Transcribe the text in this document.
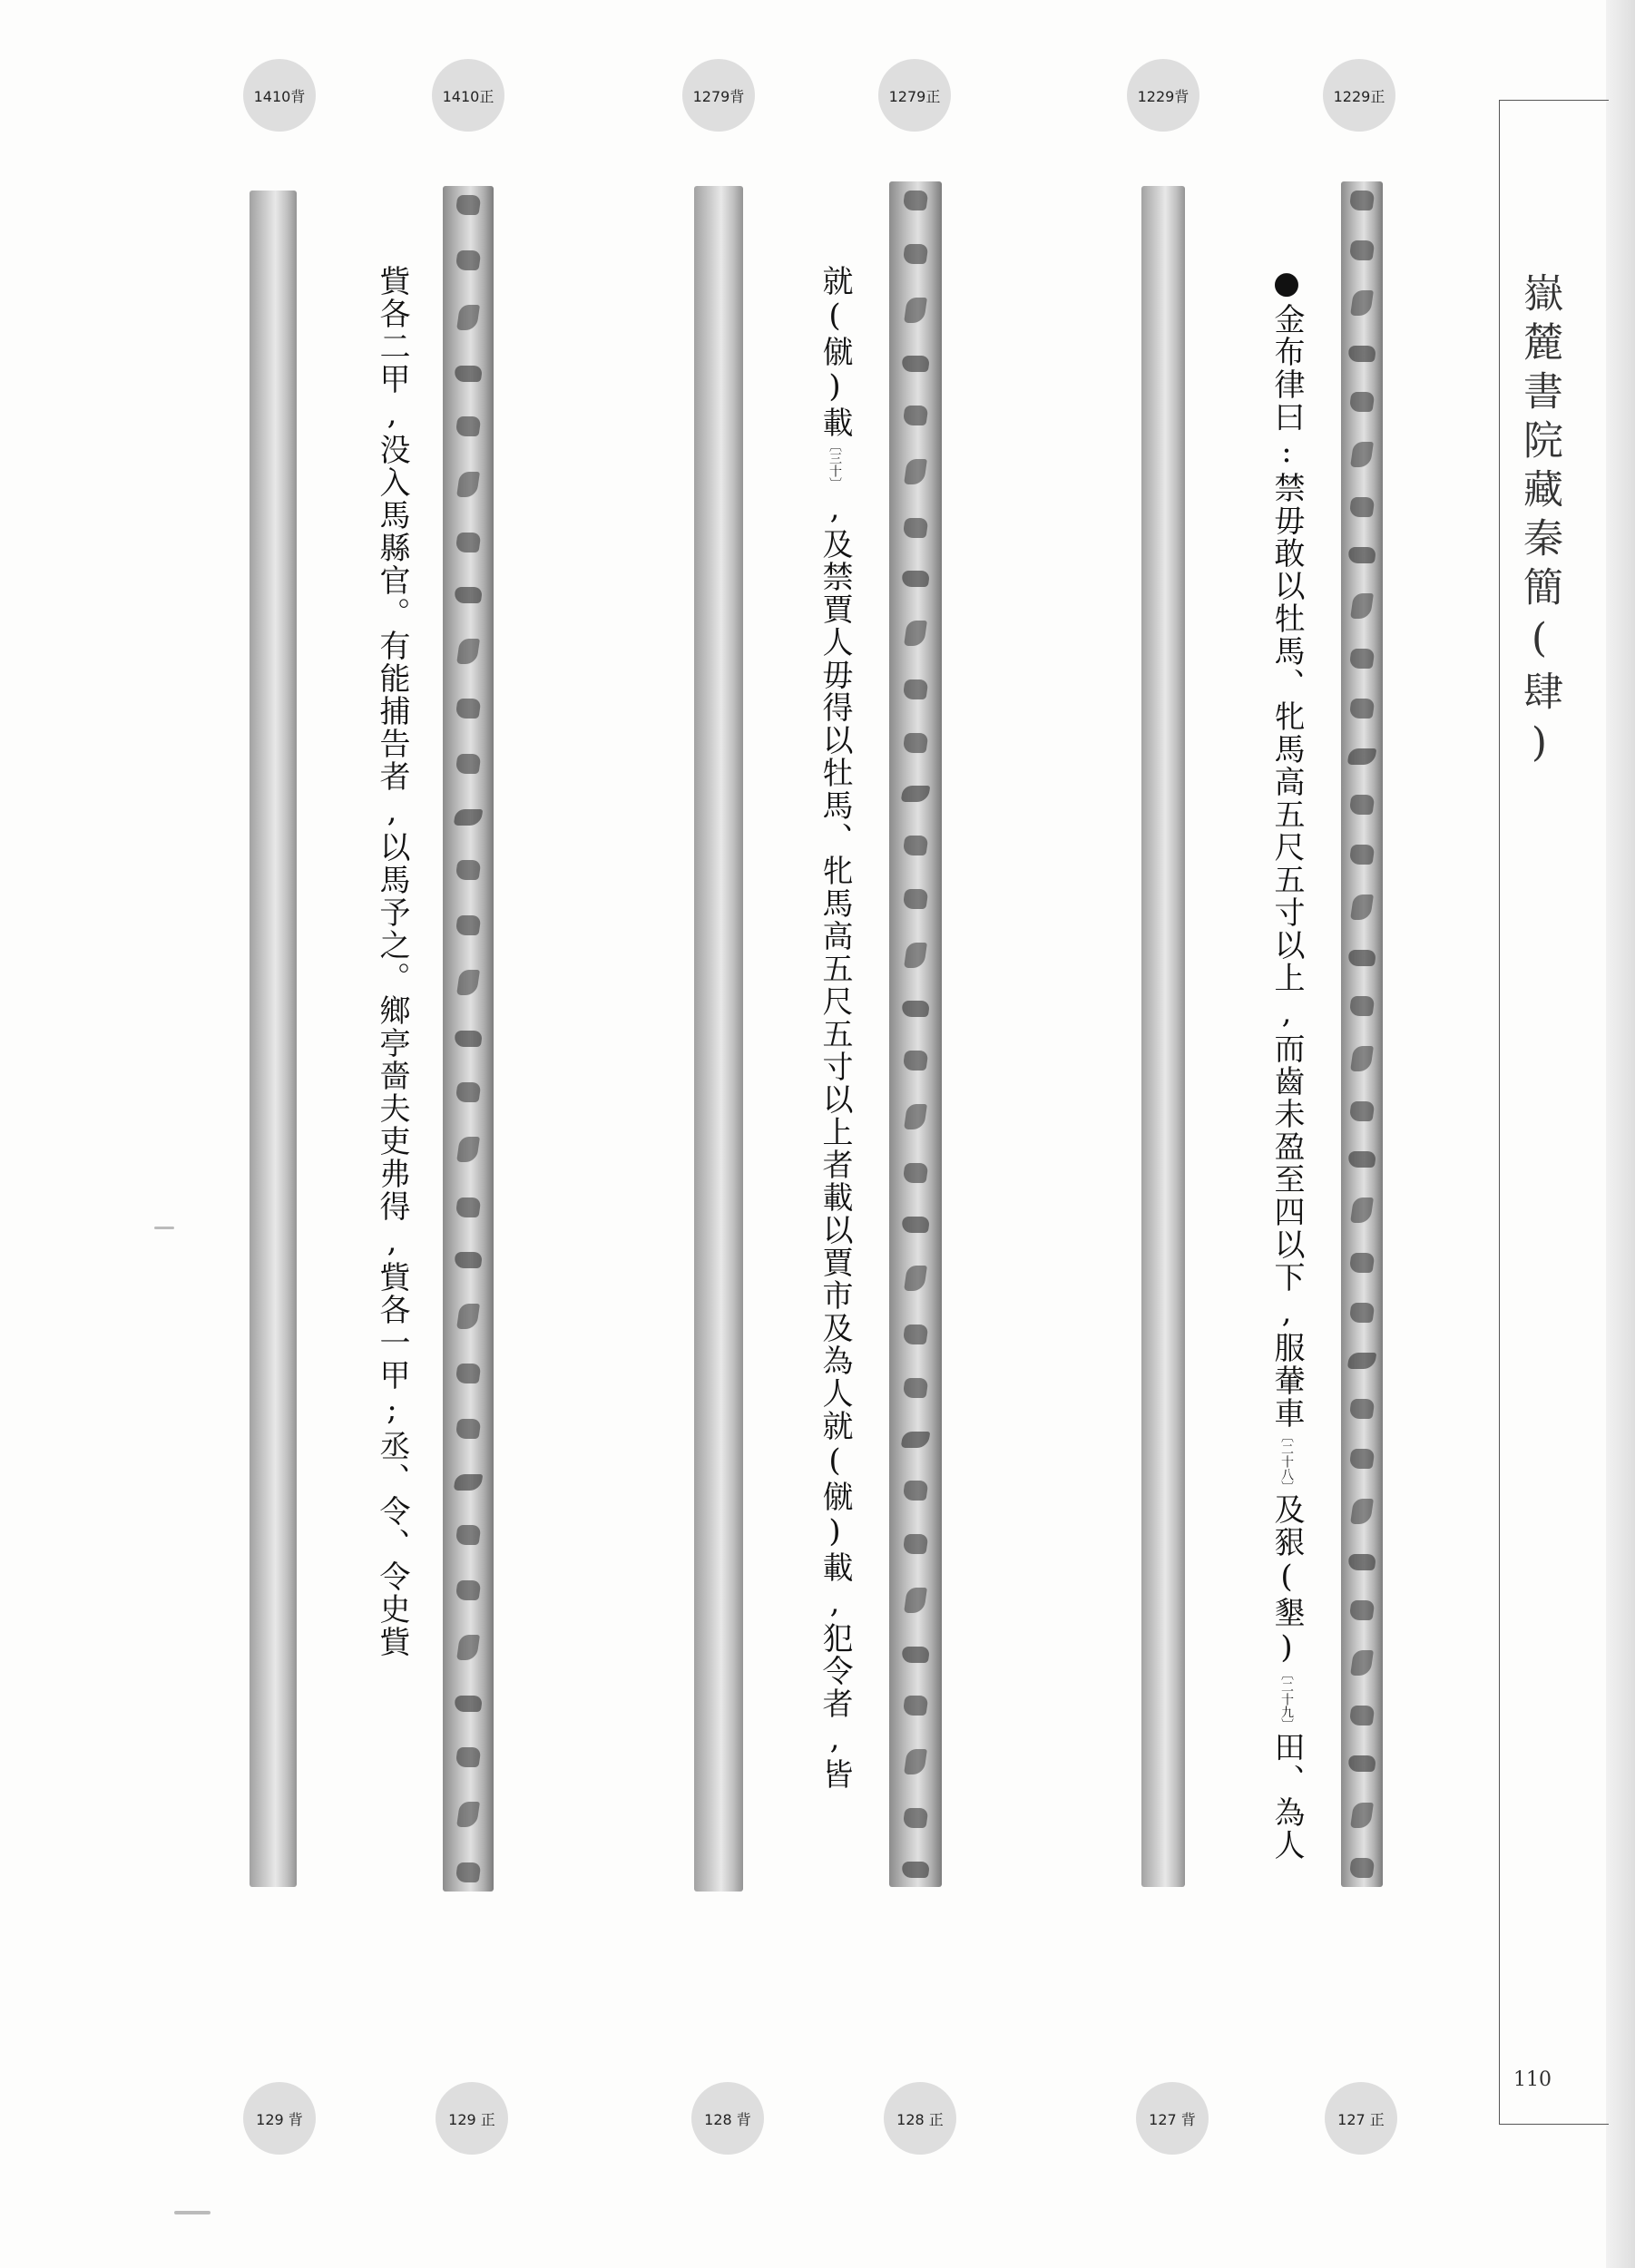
嶽麓書院藏秦簡(肆)
110
1410背	1410正	1279背	1279正	1229背	1229正
129 背	129 正	128 背	128 正	127 背	127 正
●金布律曰:禁毋敢以牡馬、牝馬高五尺五寸以上,而齒未盈至四以下,服輂車〔二十八〕及豤(墾)〔二十九〕田、為人
就(僦)載〔三十〕,及禁賈人毋得以牡馬、牝馬高五尺五寸以上者載以賈市及為人就(僦)載,犯令者,皆
貲各二甲,没入馬縣官。有能捕告者,以馬予之。鄉亭嗇夫吏弗得,貲各一甲;丞、令、令史貲
